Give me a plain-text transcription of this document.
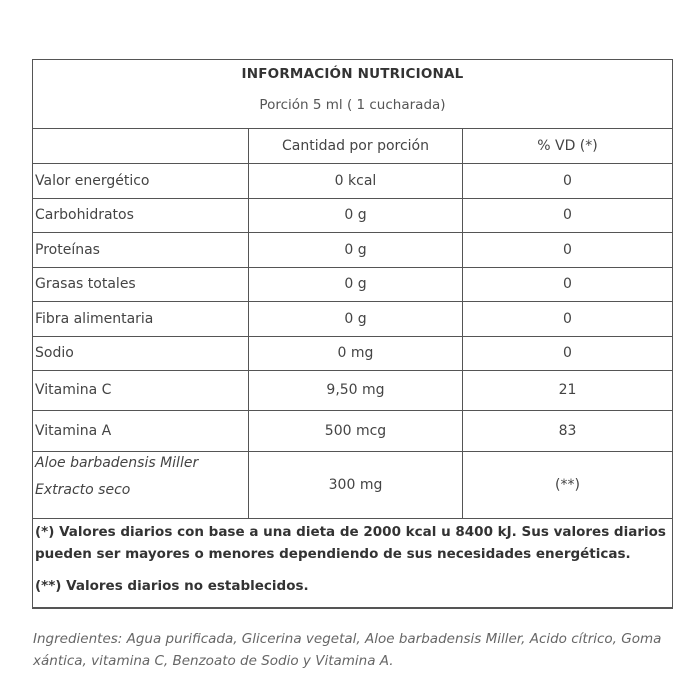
INFORMACIÓN NUTRICIONAL
Porción 5 ml ( 1 cucharada)
	Cantidad por porción	% VD (*)
Valor energético	0 kcal	0
Carbohidratos	0 g	0
Proteínas	0 g	0
Grasas totales	0 g	0
Fibra alimentaria	0 g	0
Sodio	0 mg	0
Vitamina C	9,50 mg	21
Vitamina A	500 mcg	83

Aloe barbadensis Miller
Extracto seco	300 mg	(**)
(*) Valores diarios con base a una dieta de 2000 kcal u 8400 kJ. Sus valores diarios pueden ser mayores o menores dependiendo de sus necesidades energéticas.
(**) Valores diarios no establecidos.
Ingredientes: Agua purificada, Glicerina vegetal, Aloe barbadensis Miller, Acido cítrico, Goma xántica, vitamina C, Benzoato de Sodio y Vitamina A.
